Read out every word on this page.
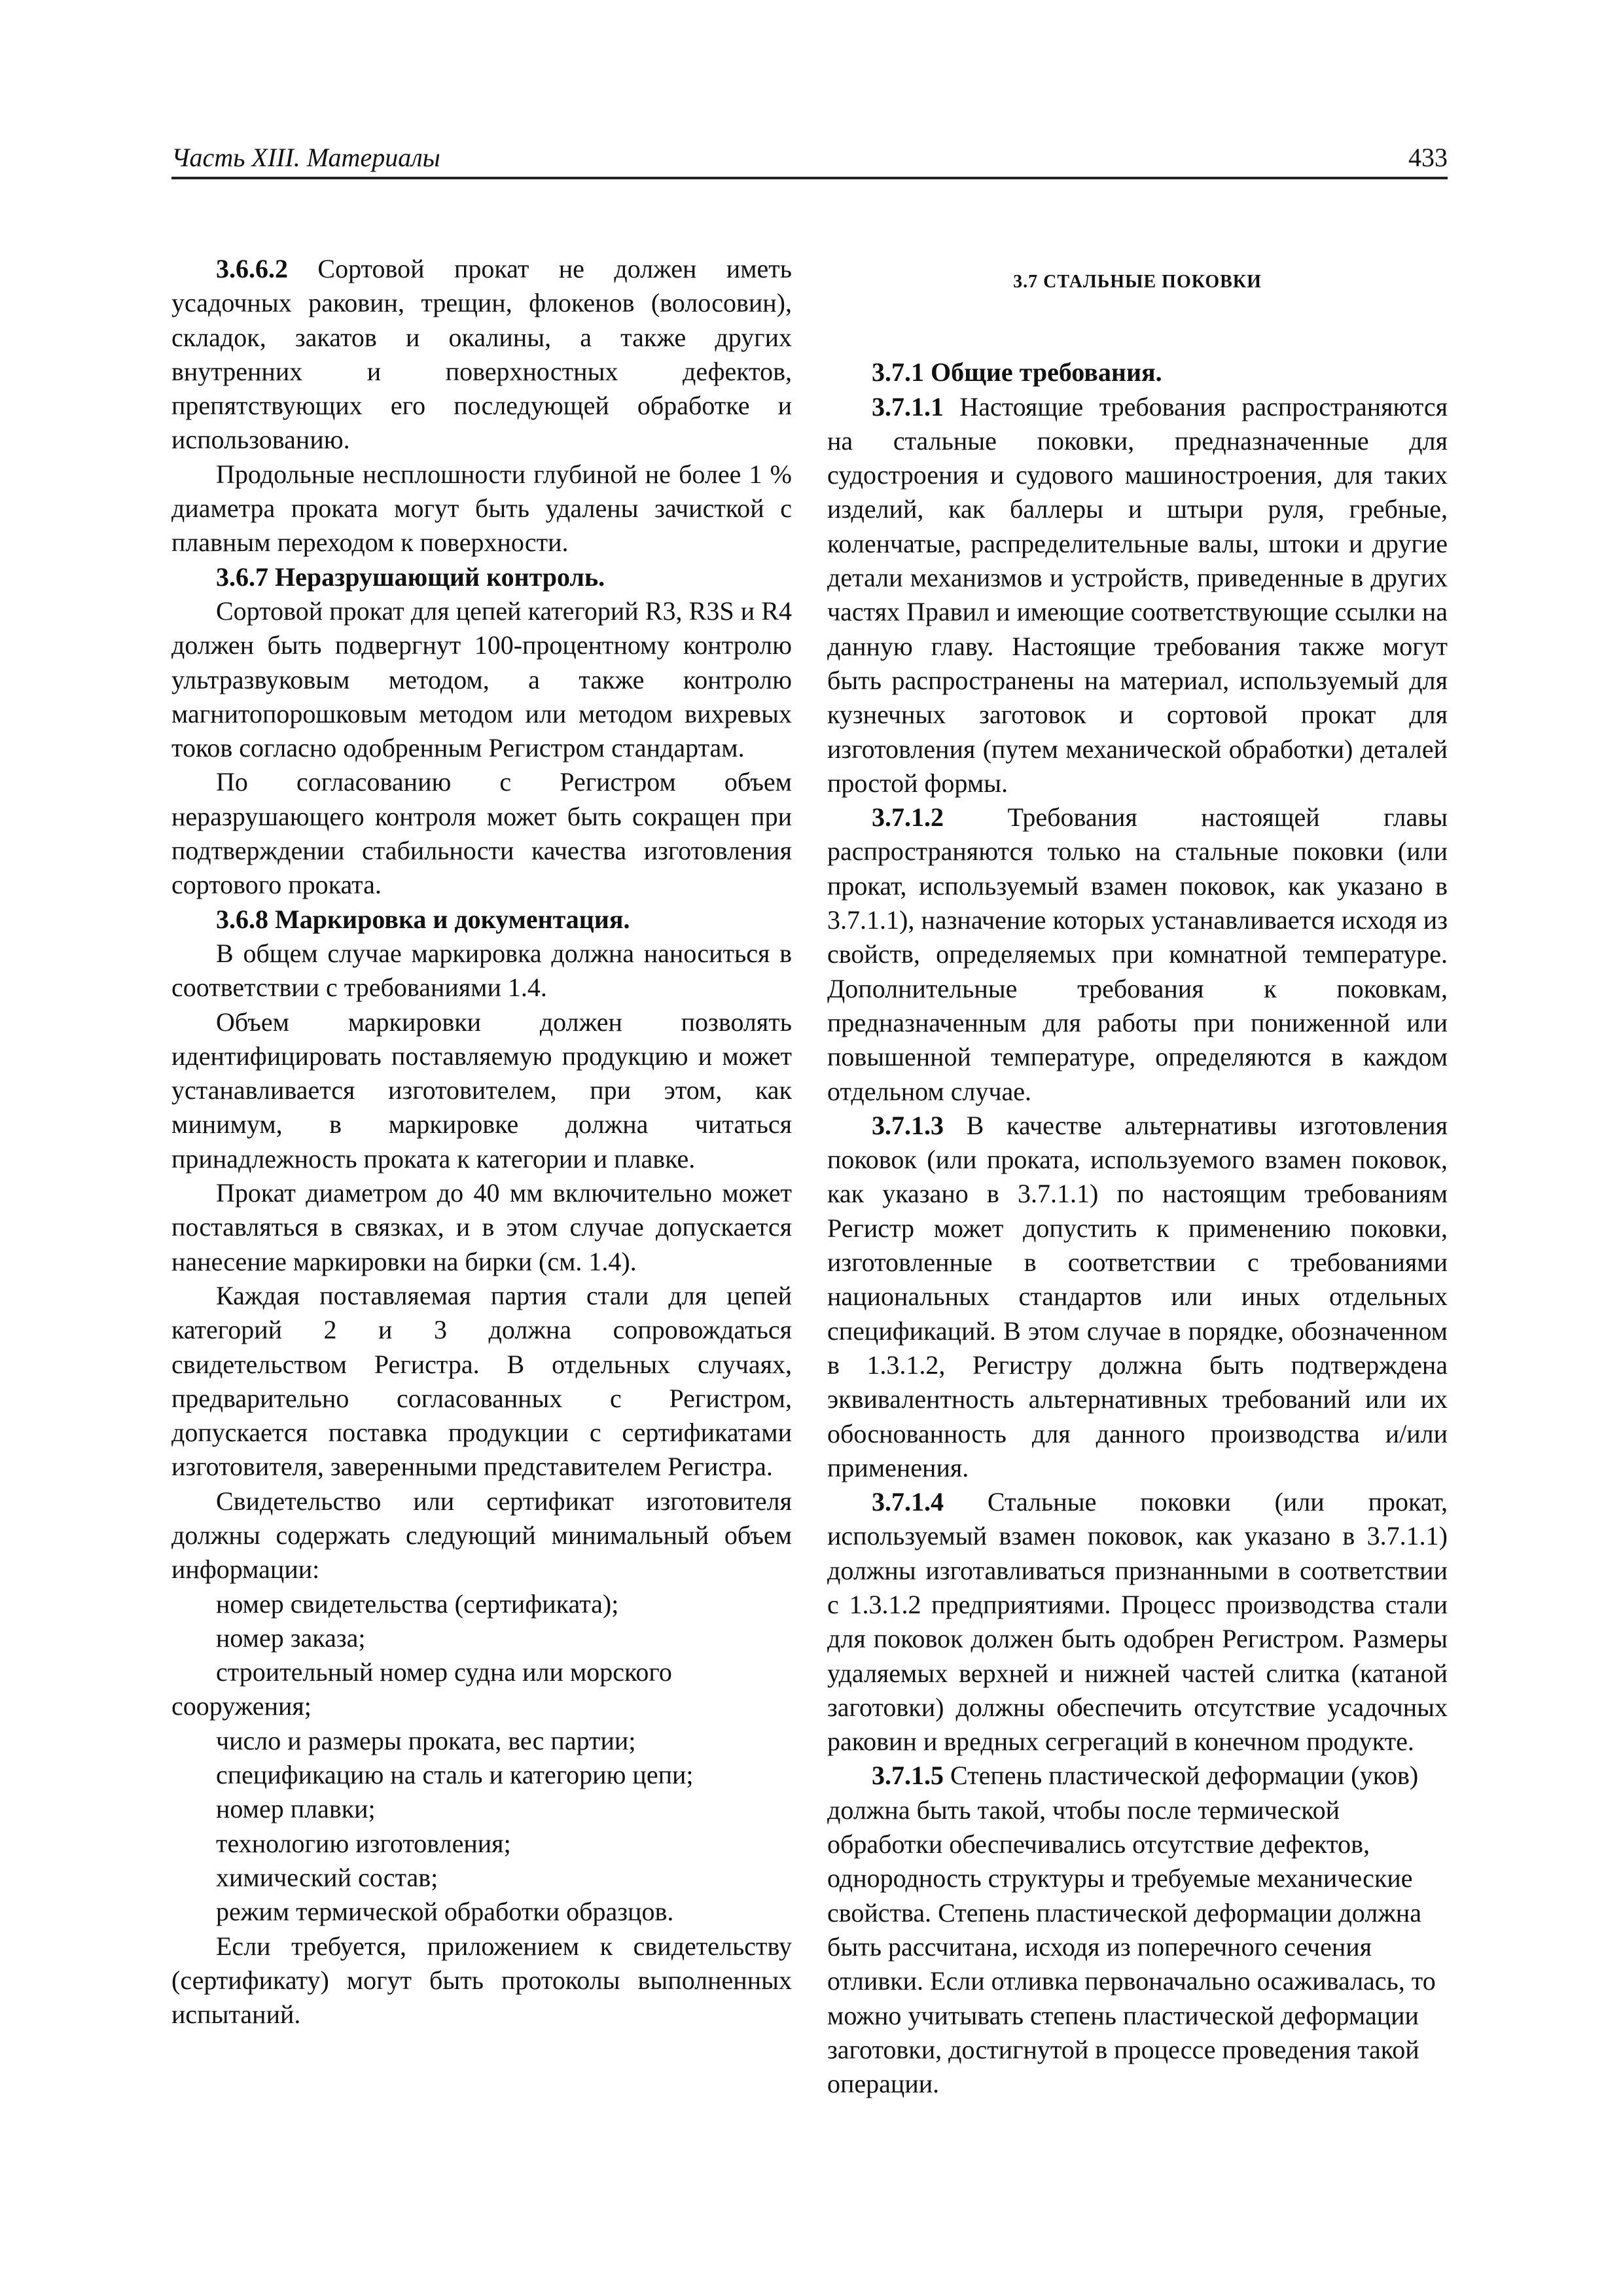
Часть XIII. Материалы	433

3.6.6.2 Сортовой прокат не должен иметь усадочных раковин, трещин, флокенов (волосовин), складок, закатов и окалины, а также других внутренних и поверхностных дефектов, препятствующих его последующей обработке и использованию.

Продольные несплошности глубиной не более 1 % диаметра проката могут быть удалены зачисткой с плавным переходом к поверхности.

3.6.7 Неразрушающий контроль.

Сортовой прокат для цепей категорий R3, R3S и R4 должен быть подвергнут 100-процентному контролю ультразвуковым методом, а также контролю магнитопорошковым методом или методом вихревых токов согласно одобренным Регистром стандартам.

По согласованию с Регистром объем неразрушающего контроля может быть сокращен при подтверждении стабильности качества изготовления сортового проката.

3.6.8 Маркировка и документация.

В общем случае маркировка должна наноситься в соответствии с требованиями 1.4.

Объем маркировки должен позволять идентифицировать поставляемую продукцию и может устанавливается изготовителем, при этом, как минимум, в маркировке должна читаться принадлежность проката к категории и плавке.

Прокат диаметром до 40 мм включительно может поставляться в связках, и в этом случае допускается нанесение маркировки на бирки (см. 1.4).

Каждая поставляемая партия стали для цепей категорий 2 и 3 должна сопровождаться свидетельством Регистра. В отдельных случаях, предварительно согласованных с Регистром, допускается поставка продукции с сертификатами изготовителя, заверенными представителем Регистра.

Свидетельство или сертификат изготовителя должны содержать следующий минимальный объем информации:

номер свидетельства (сертификата);

номер заказа;

строительный номер судна или морского сооружения;

число и размеры проката, вес партии;

спецификацию на сталь и категорию цепи;

номер плавки;

технологию изготовления;

химический состав;

режим термической обработки образцов.

Если требуется, приложением к свидетельству (сертификату) могут быть протоколы выполненных испытаний.

3.7 СТАЛЬНЫЕ ПОКОВКИ

3.7.1 Общие требования.

3.7.1.1 Настоящие требования распространяются на стальные поковки, предназначенные для судостроения и судового машиностроения, для таких изделий, как баллеры и штыри руля, гребные, коленчатые, распределительные валы, штоки и другие детали механизмов и устройств, приведенные в других частях Правил и имеющие соответствующие ссылки на данную главу. Настоящие требования также могут быть распространены на материал, используемый для кузнечных заготовок и сортовой прокат для изготовления (путем механической обработки) деталей простой формы.

3.7.1.2 Требования настоящей главы распространяются только на стальные поковки (или прокат, используемый взамен поковок, как указано в 3.7.1.1), назначение которых устанавливается исходя из свойств, определяемых при комнатной температуре. Дополнительные требования к поковкам, предназначенным для работы при пониженной или повышенной температуре, определяются в каждом отдельном случае.

3.7.1.3 В качестве альтернативы изготовления поковок (или проката, используемого взамен поковок, как указано в 3.7.1.1) по настоящим требованиям Регистр может допустить к применению поковки, изготовленные в соответствии с требованиями национальных стандартов или иных отдельных спецификаций. В этом случае в порядке, обозначенном в 1.3.1.2, Регистру должна быть подтверждена эквивалентность альтернативных требований или их обоснованность для данного производства и/или применения.

3.7.1.4 Стальные поковки (или прокат, используемый взамен поковок, как указано в 3.7.1.1) должны изготавливаться признанными в соответствии с 1.3.1.2 предприятиями. Процесс производства стали для поковок должен быть одобрен Регистром. Размеры удаляемых верхней и нижней частей слитка (катаной заготовки) должны обеспечить отсутствие усадочных раковин и вредных сегрегаций в конечном продукте.

3.7.1.5 Степень пластической деформации (уков) должна быть такой, чтобы после термической обработки обеспечивались отсутствие дефектов, однородность структуры и требуемые механические свойства. Степень пластической деформации должна быть рассчитана, исходя из поперечного сечения отливки. Если отливка первоначально осаживалась, то можно учитывать степень пластической деформации заготовки, достигнутой в процессе проведения такой операции.
